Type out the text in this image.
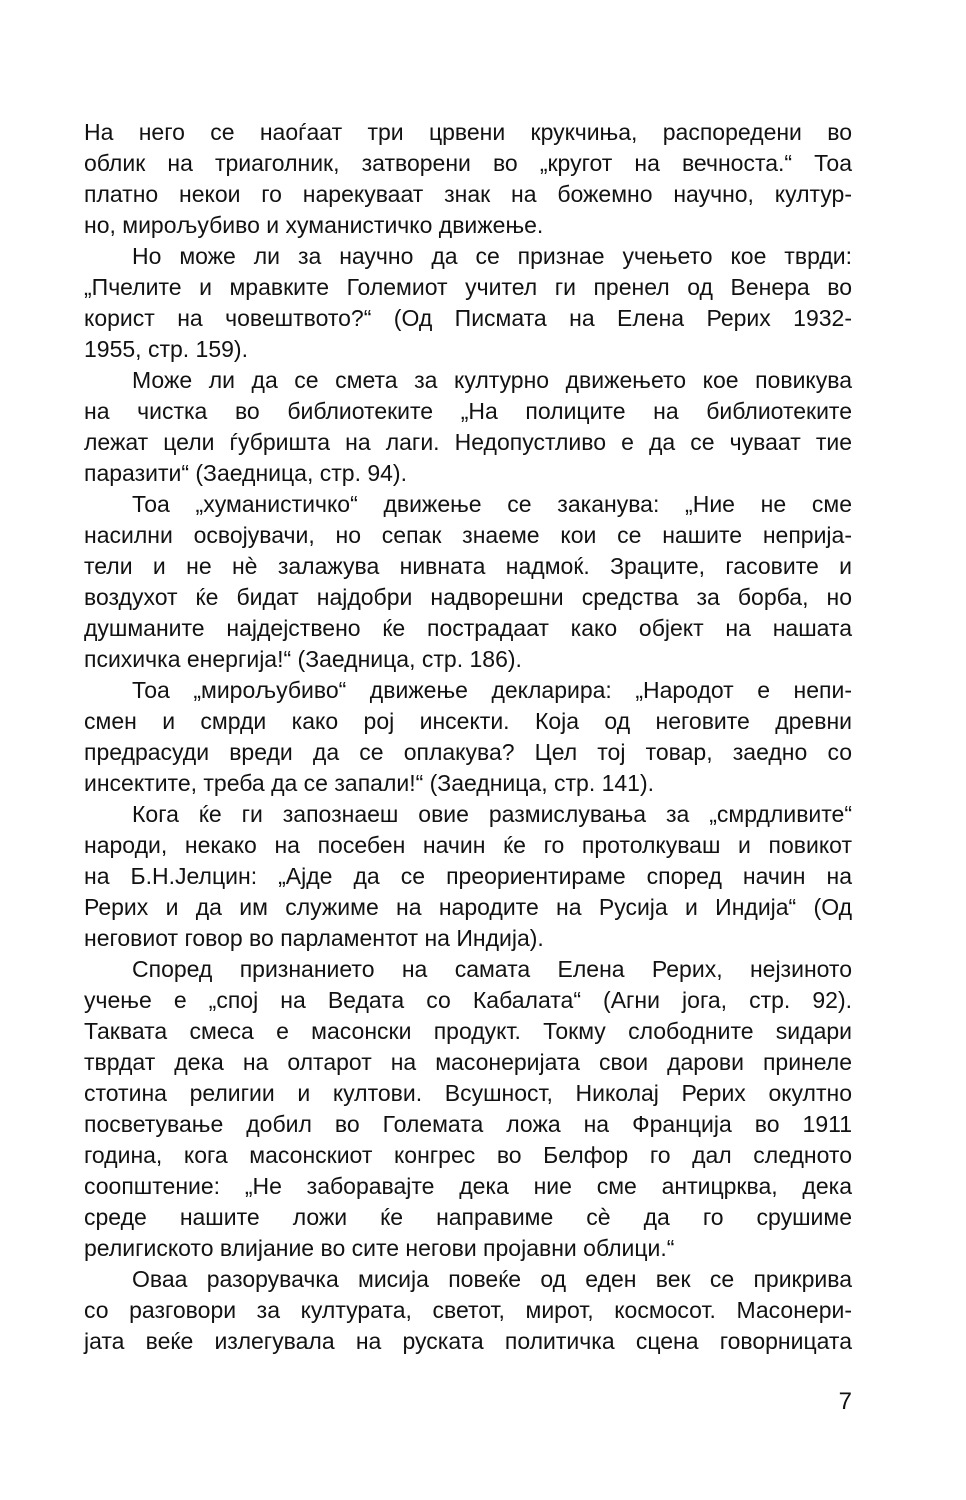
На него се наоѓаат три црвени крукчиња, распоредени во
облик на триаголник, затворени во „кругот на вечноста.“ Тоа
платно некои го нарекуваат знак на божемно научно, култур-
но, мирољубиво и хуманистичко движење.
Но може ли за научно да се признае учењето кое тврди:
„Пчелите и мравките Големиот учител ги пренел од Венера во
корист на човештвото?“ (Од Писмата на Елена Рерих 1932-
1955, стр. 159).
Може ли да се смета за културно движењето кое повикува
на чистка во библиотеките „На полиците на библиотеките
лежат цели ѓубришта на лаги. Недопустливо е да се чуваат тие
паразити“ (Заедница, стр. 94).
Тоа „хуманистичко“ движење се заканува: „Ние не сме
насилни освојувачи, но сепак знаеме кои се нашите неприја-
тели и не нѐ залажува нивната надмоќ. Зраците, гасовите и
воздухот ќе бидат најдобри надворешни средства за борба, но
душманите најдејствено ќе пострадаат како објект на нашата
психичка енергија!“ (Заедница, стр. 186).
Тоа „мирољубиво“ движење декларира: „Народот е непи-
смен и смрди како рој инсекти. Која од неговите древни
предрасуди вреди да се оплакува? Цел тој товар, заедно со
инсектите, треба да се запали!“ (Заедница, стр. 141).
Кога ќе ги запознаеш овие размислувања за „смрдливите“
народи, некако на посебен начин ќе го протолкуваш и повикот
на Б.Н.Јелцин: „Ајде да се преориентираме според начин на
Рерих и да им служиме на народите на Русија и Индија“ (Од
неговиот говор во парламентот на Индија).
Според признанието на самата Елена Рерих, нејзиното
учење е „спој на Ведата со Кабалата“ (Агни јога, стр. 92).
Таквата смеса е масонски продукт. Токму слободните ѕидари
тврдат дека на олтарот на масонеријата свои дарови принеле
стотина религии и култови. Всушност, Николај Рерих окултно
посветување добил во Големата ложа на Франција во 1911
година, кога масонскиот конгрес во Белфор го дал следното
соопштение: „Не заборавајте дека ние сме антицрква, дека
среде нашите ложи ќе направиме сѐ да го срушиме
религиското влијание во сите негови пројавни облици.“
Оваа разорувачка мисија повеќе од еден век се прикрива
со разговори за културата, светот, мирот, космосот. Масонери-
јата веќе излегувала на руската политичка сцена говорницата
7
